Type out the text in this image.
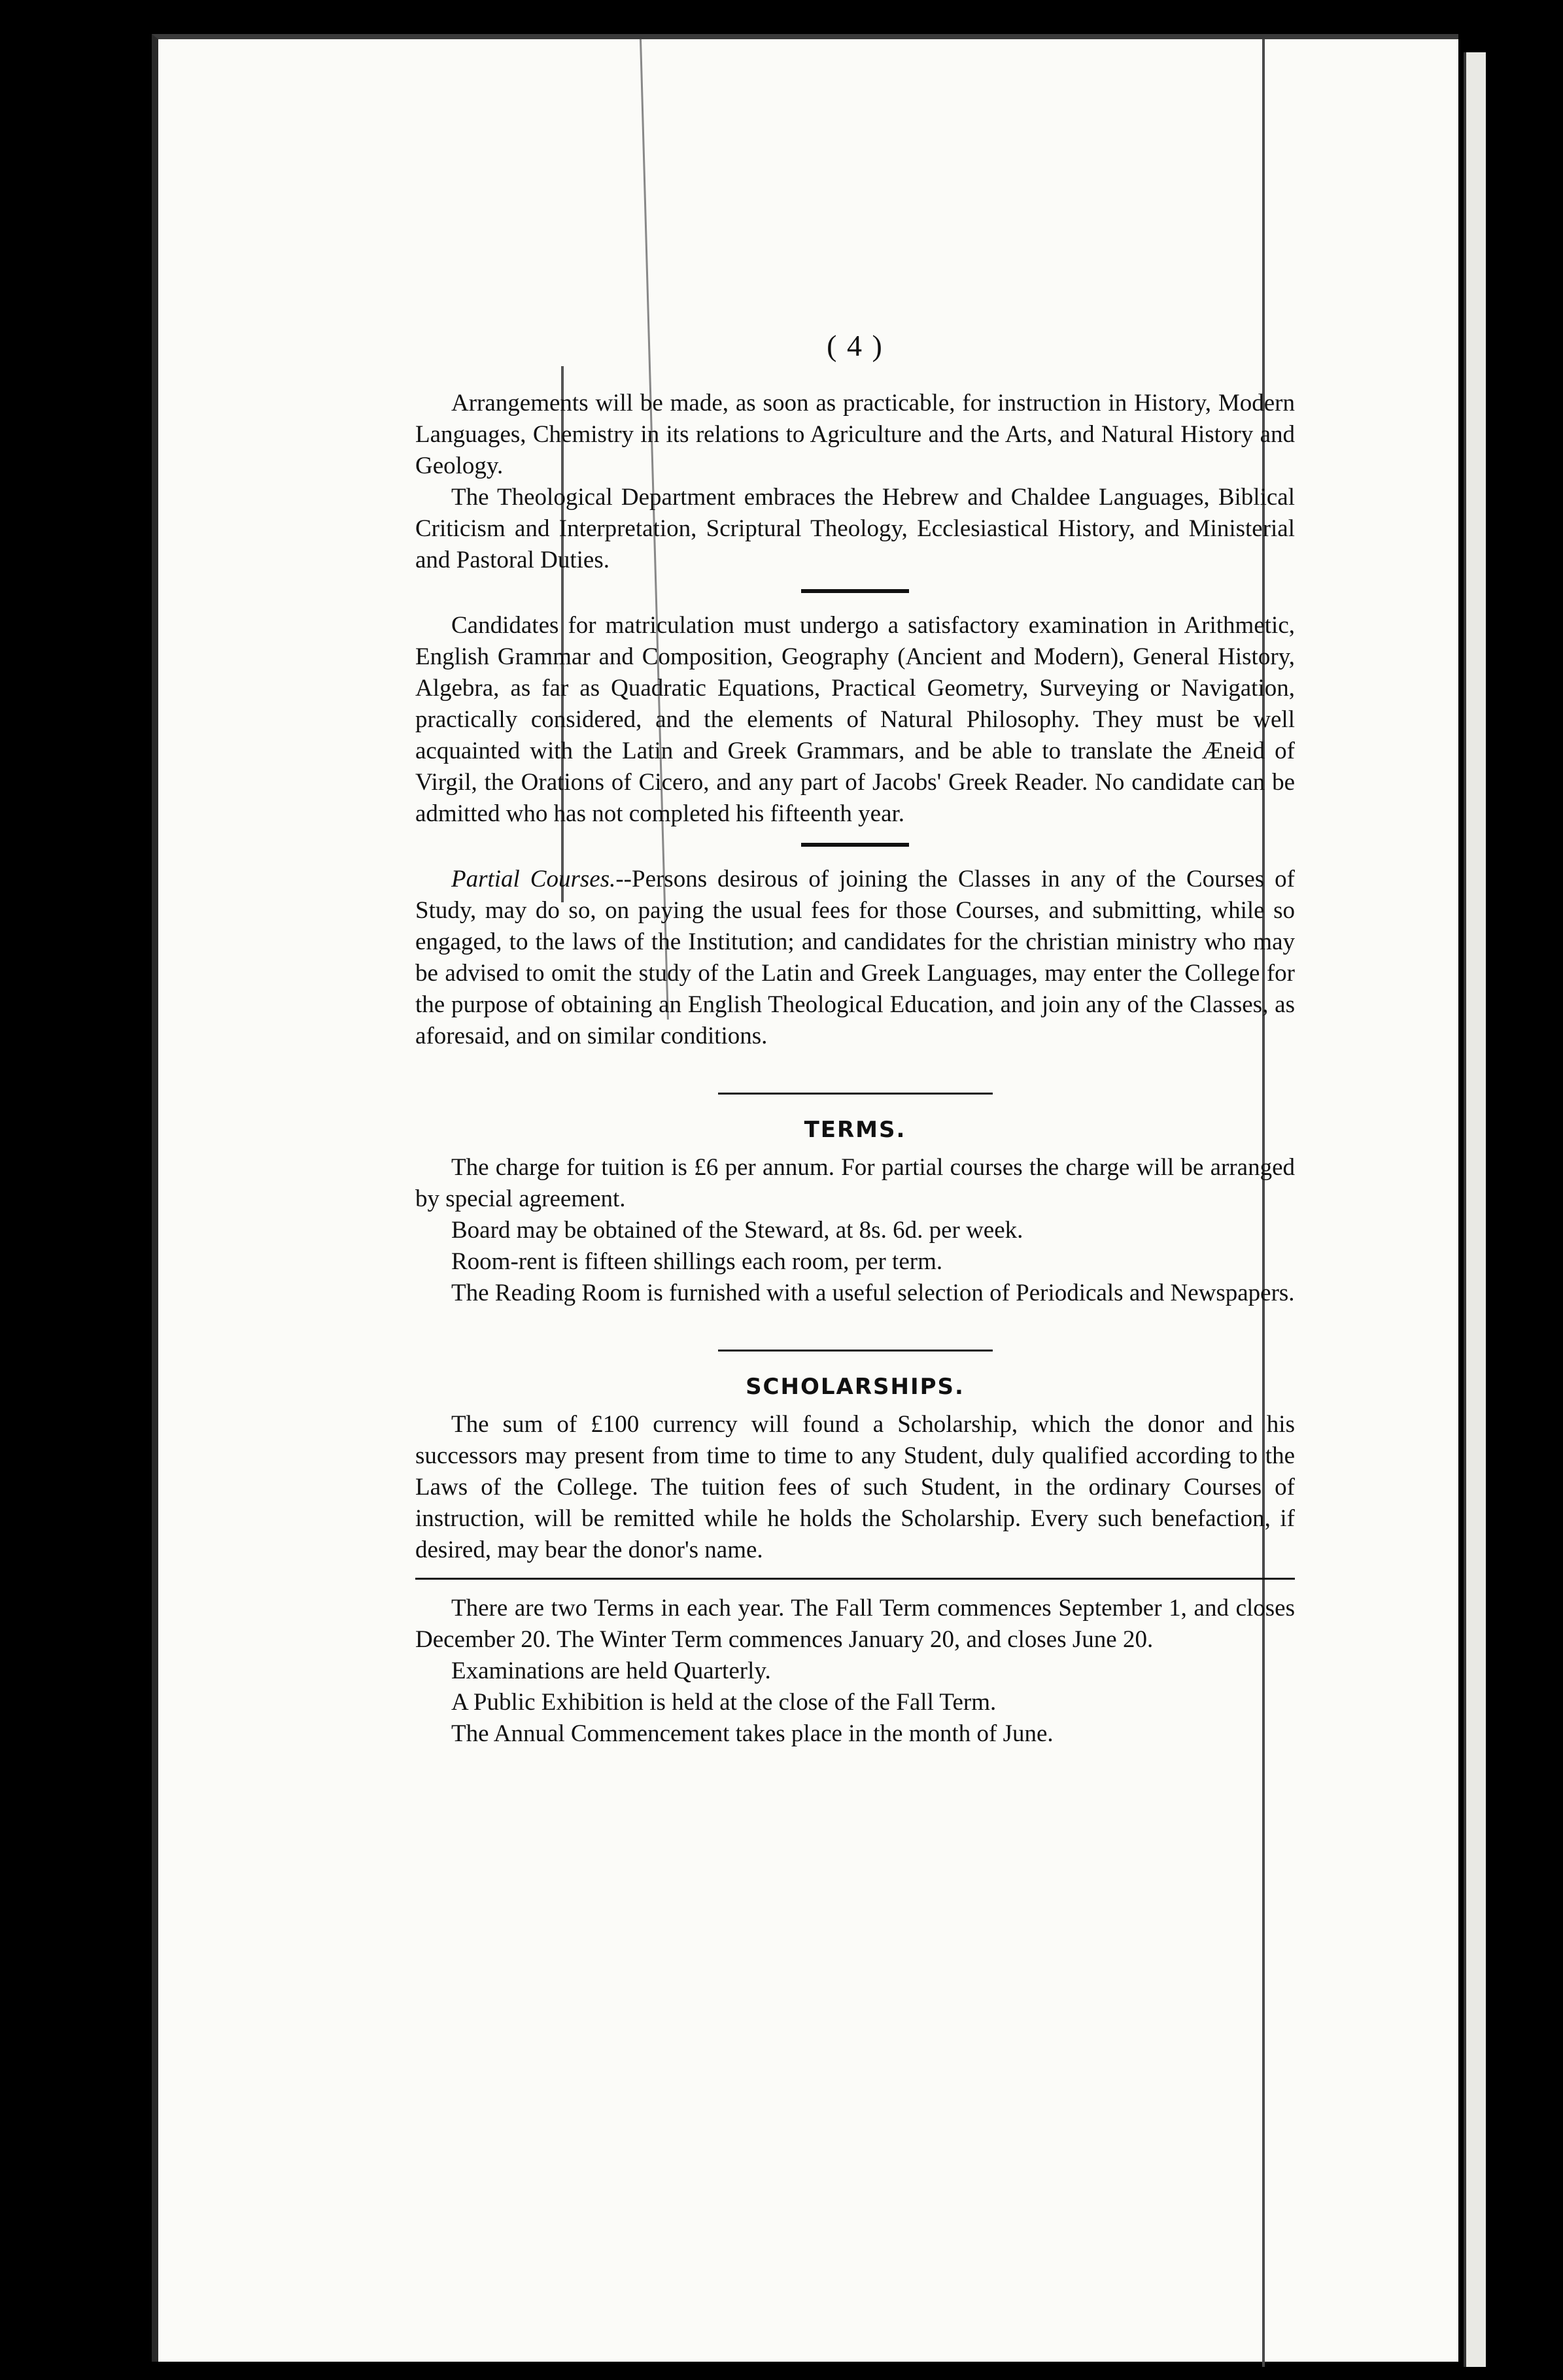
( 4 )

Arrangements will be made, as soon as practicable, for instruction in History, Modern Languages, Chemistry in its relations to Agriculture and the Arts, and Natural History and Geology.

The Theological Department embraces the Hebrew and Chaldee Languages, Biblical Criticism and Interpretation, Scriptural Theology, Ecclesiastical History, and Ministerial and Pastoral Duties.

Candidates for matriculation must undergo a satisfactory examination in Arithmetic, English Grammar and Composition, Geography (Ancient and Modern), General History, Algebra, as far as Quadratic Equations, Practical Geometry, Surveying or Navigation, practically considered, and the elements of Natural Philosophy. They must be well acquainted with the Latin and Greek Grammars, and be able to translate the Æneid of Virgil, the Orations of Cicero, and any part of Jacobs' Greek Reader. No candidate can be admitted who has not completed his fifteenth year.

Partial Courses.--Persons desirous of joining the Classes in any of the Courses of Study, may do so, on paying the usual fees for those Courses, and submitting, while so engaged, to the laws of the Institution; and candidates for the christian ministry who may be advised to omit the study of the Latin and Greek Languages, may enter the College for the purpose of obtaining an English Theological Education, and join any of the Classes, as aforesaid, and on similar conditions.

TERMS.

The charge for tuition is £6 per annum. For partial courses the charge will be arranged by special agreement.

Board may be obtained of the Steward, at 8s. 6d. per week.

Room-rent is fifteen shillings each room, per term.

The Reading Room is furnished with a useful selection of Periodicals and Newspapers.

SCHOLARSHIPS.

The sum of £100 currency will found a Scholarship, which the donor and his successors may present from time to time to any Student, duly qualified according to the Laws of the College. The tuition fees of such Student, in the ordinary Courses of instruction, will be remitted while he holds the Scholarship. Every such benefaction, if desired, may bear the donor's name.

There are two Terms in each year. The Fall Term commences September 1, and closes December 20. The Winter Term commences January 20, and closes June 20.

Examinations are held Quarterly.

A Public Exhibition is held at the close of the Fall Term.

The Annual Commencement takes place in the month of June.
